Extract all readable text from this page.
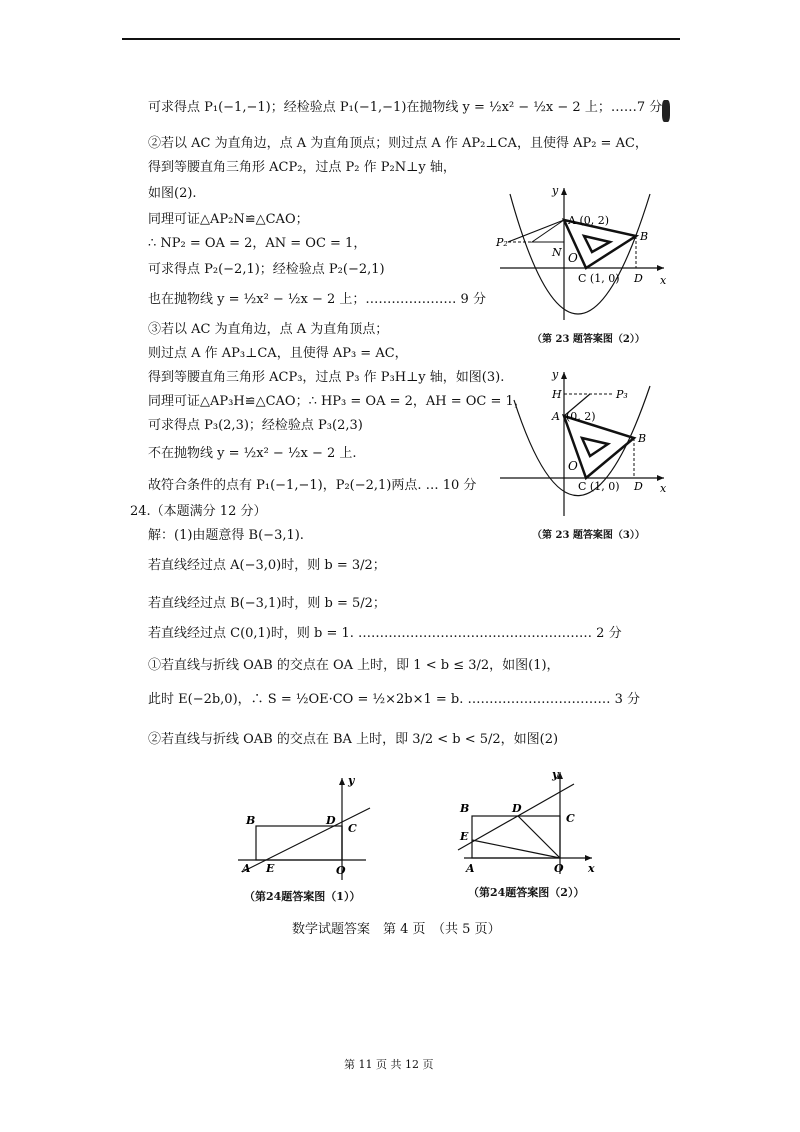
可求得点 P₁(−1,−1)；经检验点 P₁(−1,−1)在抛物线 y = ½x² − ½x − 2 上；……7 分
②若以 AC 为直角边，点 A 为直角顶点；则过点 A 作 AP₂⊥CA，且使得 AP₂ = AC，
得到等腰直角三角形 ACP₂，过点 P₂ 作 P₂N⊥y 轴，
如图(2).
同理可证△AP₂N≌△CAO；
∴ NP₂ = OA = 2，AN = OC = 1，
可求得点 P₂(−2,1)；经检验点 P₂(−2,1)
也在抛物线 y = ½x² − ½x − 2 上；………………… 9 分
③若以 AC 为直角边，点 A 为直角顶点；
则过点 A 作 AP₃⊥CA，且使得 AP₃ = AC，
得到等腰直角三角形 ACP₃，过点 P₃ 作 P₃H⊥y 轴，如图(3).
同理可证△AP₃H≌△CAO；∴ HP₃ = OA = 2，AH = OC = 1，
可求得点 P₃(2,3)；经检验点 P₃(2,3)
不在抛物线 y = ½x² − ½x − 2 上.
故符合条件的点有 P₁(−1,−1)，P₂(−2,1)两点. … 10 分
24.（本题满分 12 分）
解：(1)由题意得 B(−3,1).
若直线经过点 A(−3,0)时，则 b = 3/2；
若直线经过点 B(−3,1)时，则 b = 5/2；
若直线经过点 C(0,1)时，则 b = 1. ……………………………………………… 2 分
①若直线与折线 OAB 的交点在 OA 上时，即 1 < b ≤ 3/2，如图(1)，
此时 E(−2b,0)，∴ S = ½OE·CO = ½×2b×1 = b. …………………………… 3 分
②若直线与折线 OAB 的交点在 BA 上时，即 3/2 < b < 5/2，如图(2)
y
x
A (0, 2)
B
P₂
N O
C (1, 0) D
（第 23 题答案图（2））
y
x
H	P₃
A (0, 2)
B
O
C (1, 0) D
（第 23 题答案图（3））
y
B	D
C
A E	O
（第24题答案图（1））
y
x
B	D
C
E
A	O
（第24题答案图（2））
数学试题答案　第 4 页　（共 5 页）
第 11 页 共 12 页
